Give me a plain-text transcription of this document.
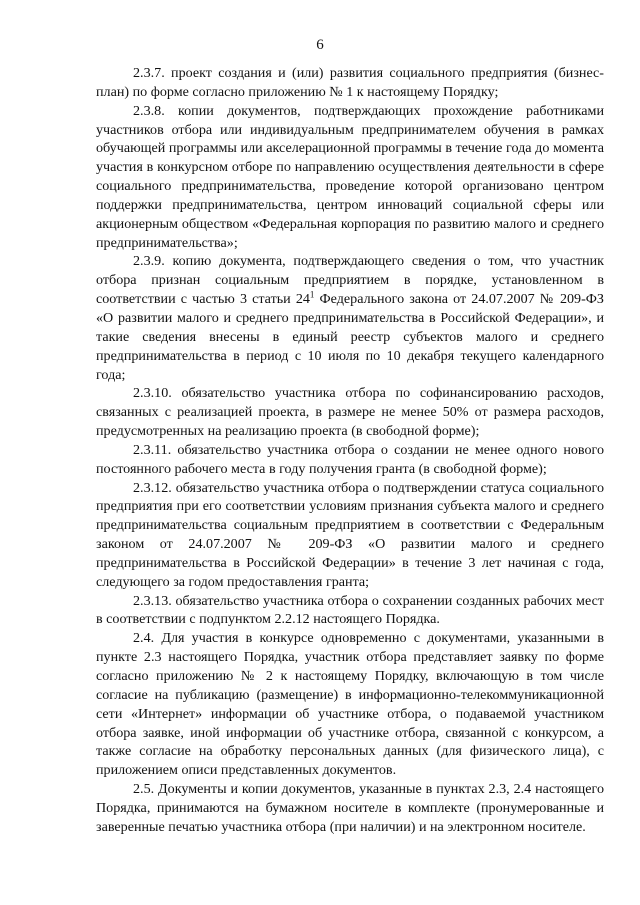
6

2.3.7. проект создания и (или) развития социального предприятия (бизнес-план) по форме согласно приложению № 1 к настоящему Порядку;

2.3.8. копии документов, подтверждающих прохождение работниками участников отбора или индивидуальным предпринимателем обучения в рамках обучающей программы или акселерационной программы в течение года до момента участия в конкурсном отборе по направлению осуществления деятельности в сфере социального предпринимательства, проведение которой организовано центром поддержки предпринимательства, центром инноваций социальной сферы или акционерным обществом «Федеральная корпорация по развитию малого и среднего предпринимательства»;

2.3.9. копию документа, подтверждающего сведения о том, что участник отбора признан социальным предприятием в порядке, установленном в соответствии с частью 3 статьи $24^1$ Федерального закона от 24.07.2007 № 209-ФЗ «О развитии малого и среднего предпринимательства в Российской Федерации», и такие сведения внесены в единый реестр субъектов малого и среднего предпринимательства в период с 10 июля по 10 декабря текущего календарного года;

2.3.10. обязательство участника отбора по софинансированию расходов, связанных с реализацией проекта, в размере не менее 50% от размера расходов, предусмотренных на реализацию проекта (в свободной форме);

2.3.11. обязательство участника отбора о создании не менее одного нового постоянного рабочего места в году получения гранта (в свободной форме);

2.3.12. обязательство участника отбора о подтверждении статуса социального предприятия при его соответствии условиям признания субъекта малого и среднего предпринимательства социальным предприятием в соответствии с Федеральным законом от 24.07.2007 № 209-ФЗ «О развитии малого и среднего предпринимательства в Российской Федерации» в течение 3 лет начиная с года, следующего за годом предоставления гранта;

2.3.13. обязательство участника отбора о сохранении созданных рабочих мест в соответствии с подпунктом 2.2.12 настоящего Порядка.

2.4. Для участия в конкурсе одновременно с документами, указанными в пункте 2.3 настоящего Порядка, участник отбора представляет заявку по форме согласно приложению № 2 к настоящему Порядку, включающую в том числе согласие на публикацию (размещение) в информационно-телекоммуникационной сети «Интернет» информации об участнике отбора, о подаваемой участником отбора заявке, иной информации об участнике отбора, связанной с конкурсом, а также согласие на обработку персональных данных (для физического лица), с приложением описи представленных документов.

2.5. Документы и копии документов, указанные в пунктах 2.3, 2.4 настоящего Порядка, принимаются на бумажном носителе в комплекте (пронумерованные и заверенные печатью участника отбора (при наличии) и на электронном носителе.
